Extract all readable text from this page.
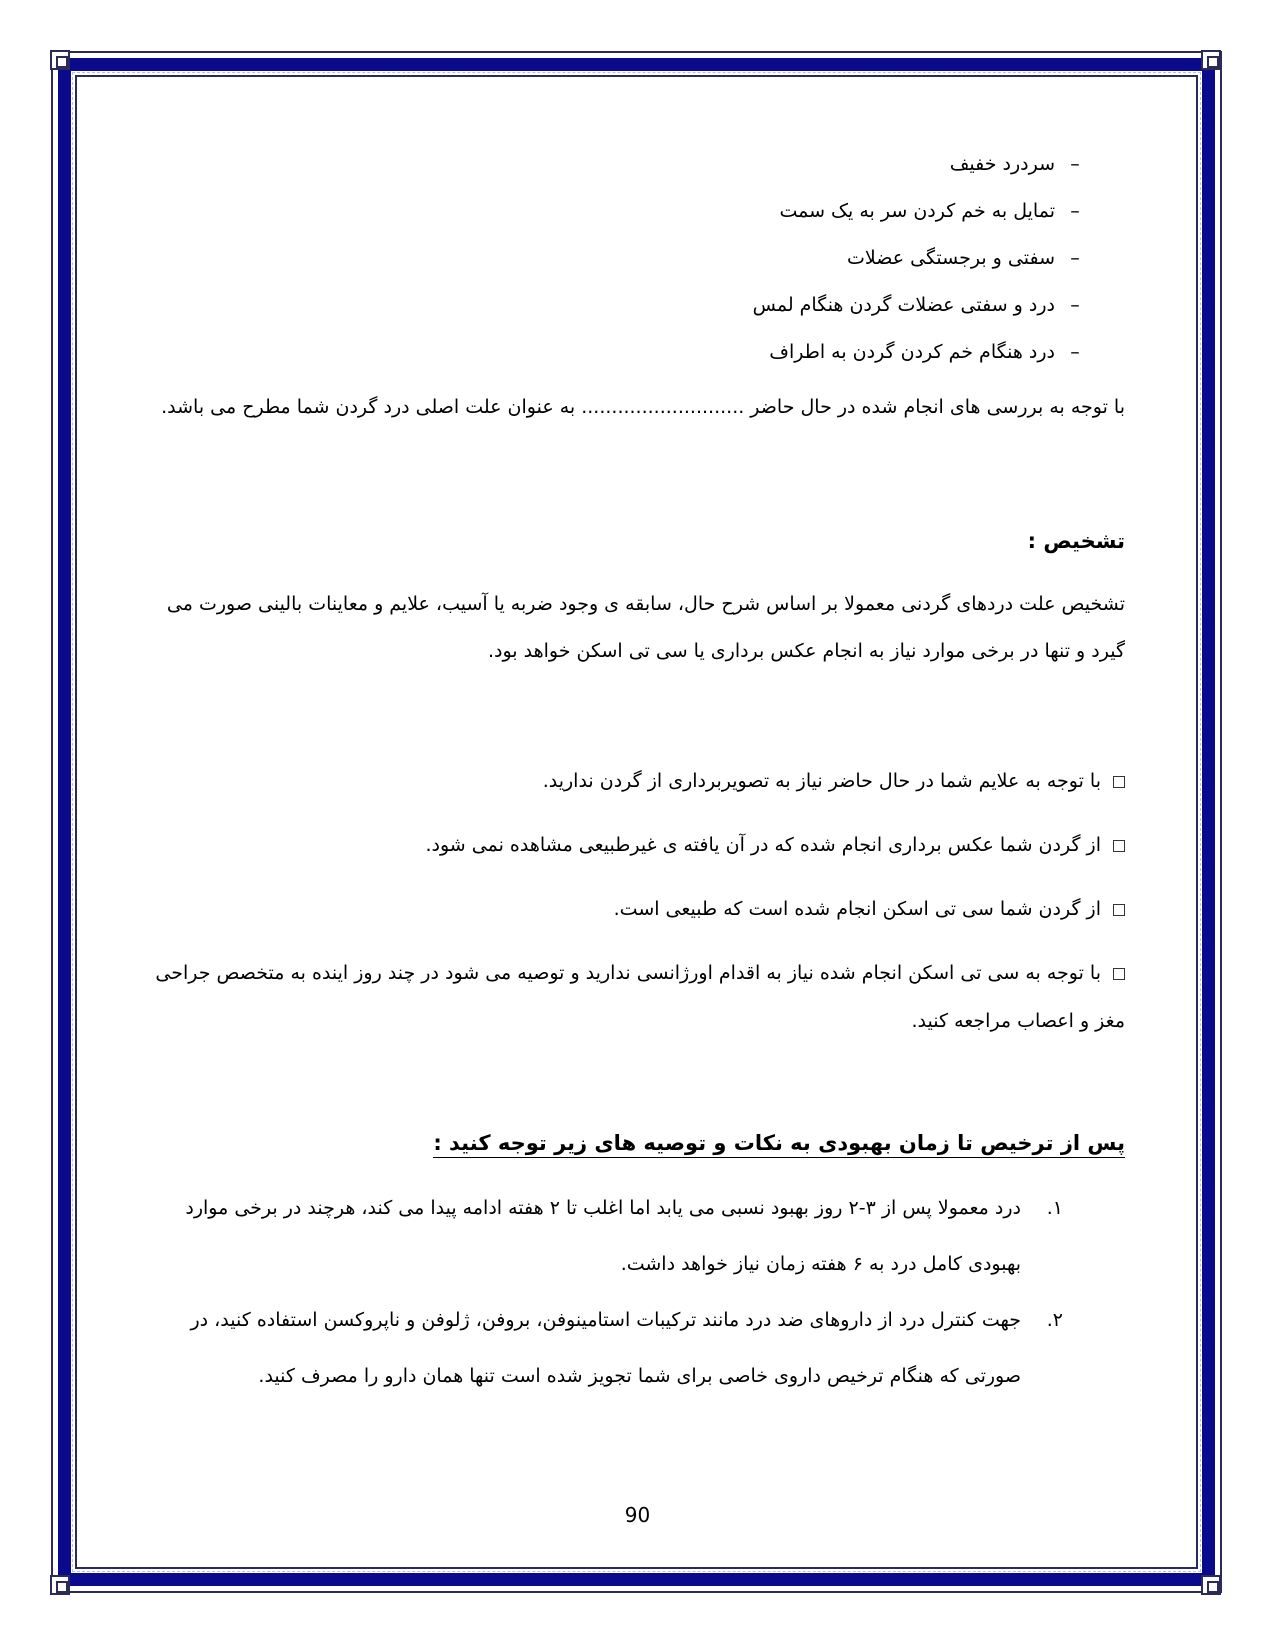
–
سردرد خفیف
–
تمایل به خم کردن سر به یک سمت
–
سفتی و برجستگی عضلات
–
درد و سفتی عضلات گردن هنگام لمس
–
درد هنگام خم کردن گردن به اطراف

با توجه به بررسی های انجام شده در حال حاضر ........................... به عنوان علت اصلی درد گردن شما مطرح می باشد.

تشخیص :

تشخیص علت دردهای گردنی معمولا بر اساس شرح حال، سابقه ی وجود ضربه یا آسیب، علایم و معاینات بالینی صورت می گیرد و تنها در برخی موارد نیاز به انجام عکس برداری یا سی تی اسکن خواهد بود.

با توجه به علایم شما در حال حاضر نیاز به تصویربرداری از گردن ندارید.

از گردن شما عکس برداری انجام شده که در آن یافته ی غیرطبیعی مشاهده نمی شود.

از گردن شما سی تی اسکن انجام شده است که طبیعی است.

با توجه به سی تی اسکن انجام شده نیاز به اقدام اورژانسی ندارید و توصیه می شود در چند روز اینده به متخصص جراحی مغز و اعصاب مراجعه کنید.

پس از ترخیص تا زمان بهبودی به نکات و توصیه های زیر توجه کنید :
۱.
درد معمولا پس از ۳-۲ روز بهبود نسبی می یابد اما اغلب تا ۲ هفته ادامه پیدا می کند، هرچند در برخی موارد بهبودی کامل درد به ۶ هفته زمان نیاز خواهد داشت.
۲.
جهت کنترل درد از داروهای ضد درد مانند ترکیبات استامینوفن، بروفن، ژلوفن و ناپروکسن استفاده کنید، در صورتی که هنگام ترخیص داروی خاصی برای شما تجویز شده است تنها همان دارو را مصرف کنید.
90
